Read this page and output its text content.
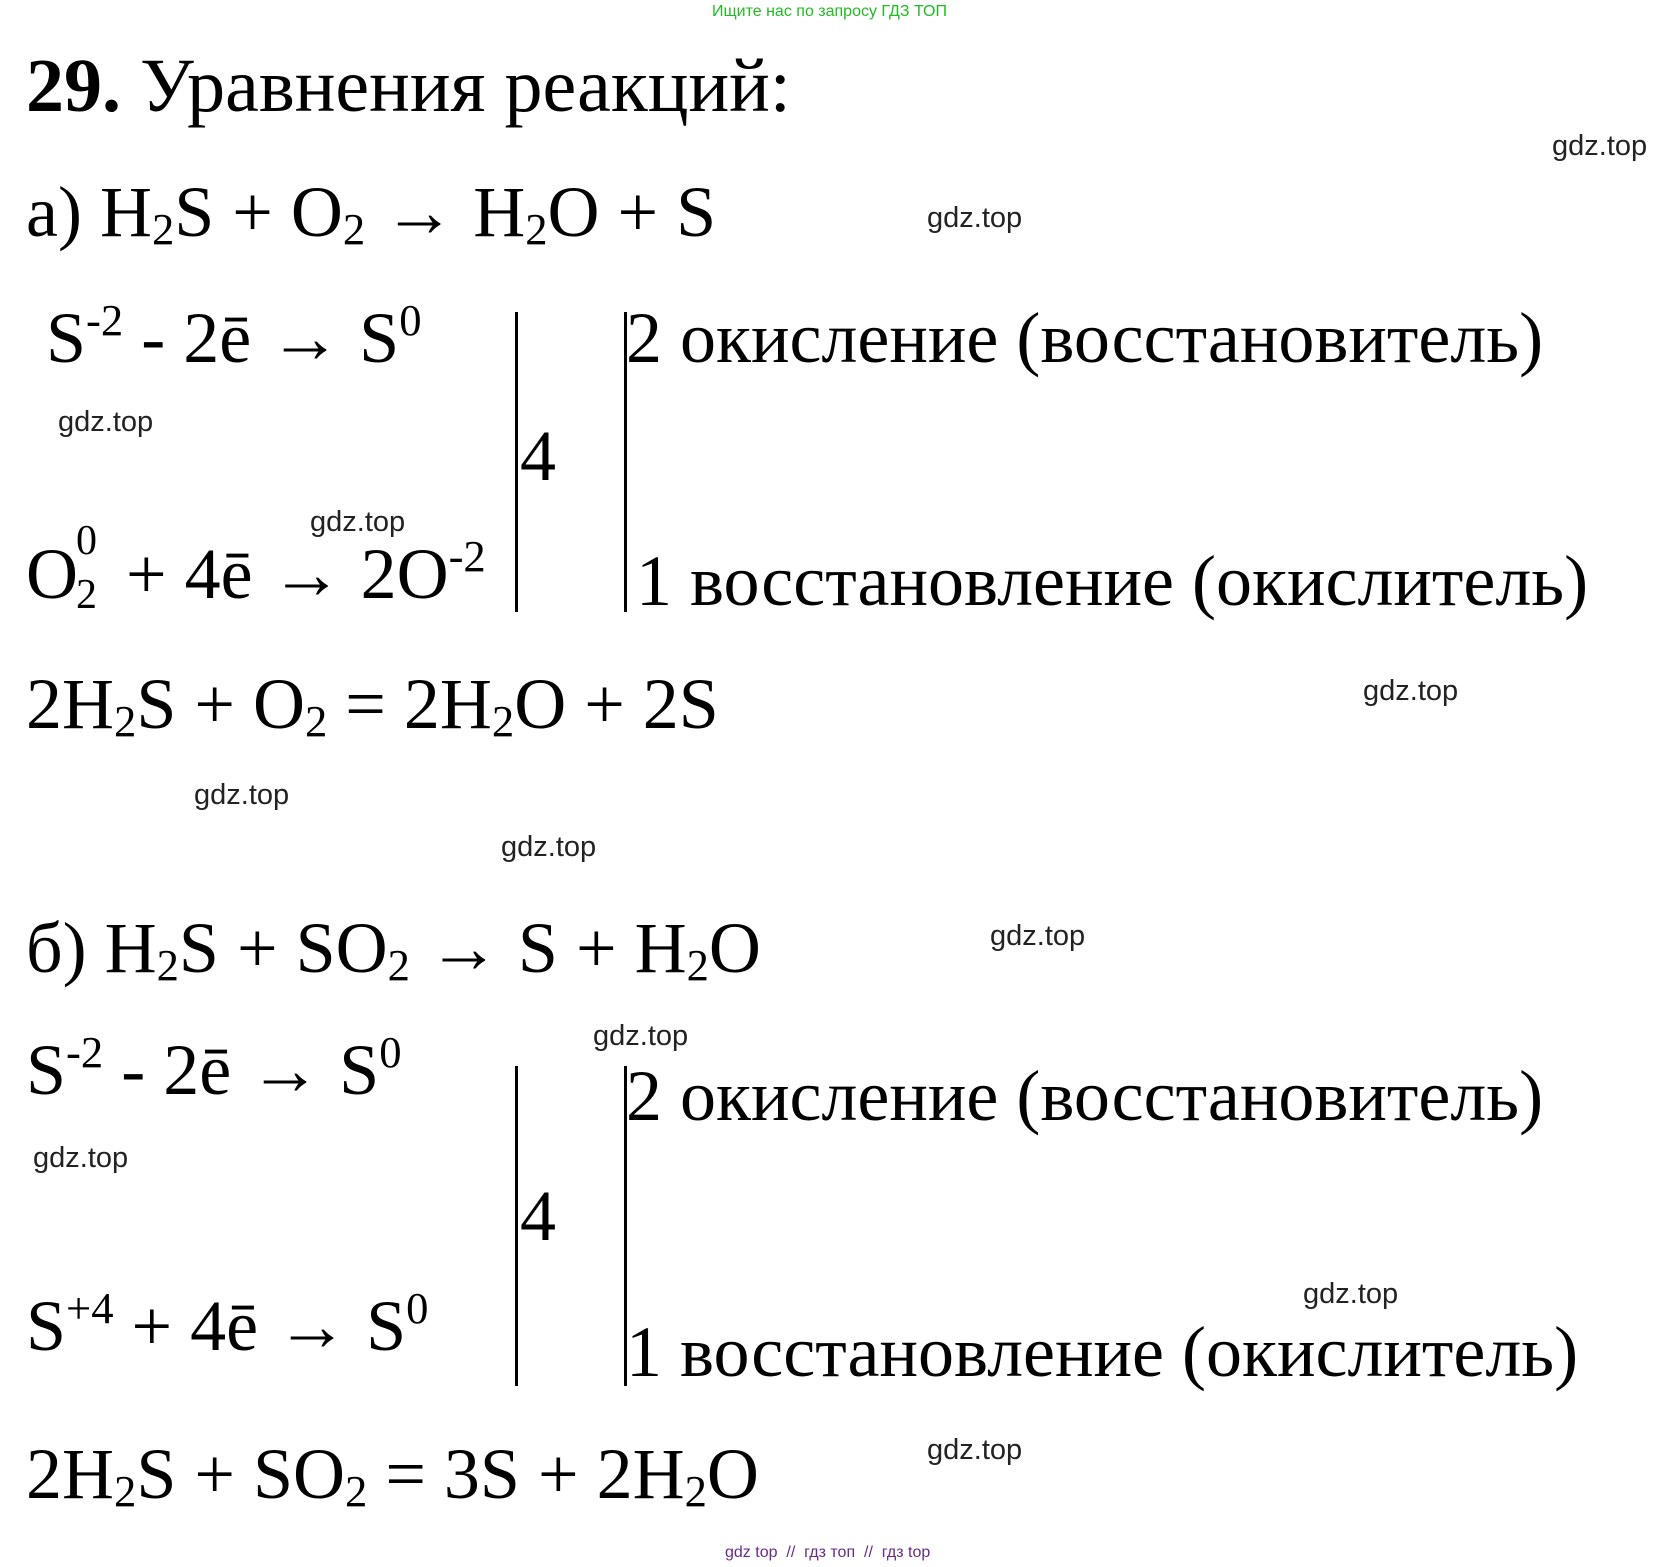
Ищите нас по запросу ГДЗ ТОП
29. Уравнения реакций:
а) $H_2S + O_2 \to H_2O + S$
$S^{-2}$ - 2ē → $S^0$
O
0
2 + 4ē → $2O^{-2}$
4
2 окисление (восстановитель)
1 восстановление (окислитель)
$2H_2S + O_2 = 2H_2O + 2S$
б) $H_2S + SO_2 \to S + H_2O$
$S^{-2}$ - 2ē → $S^0$
$S^{+4}$ + 4ē → $S^0$
4
2 окисление (восстановитель)
1 восстановление (окислитель)
$2H_2S + SO_2 = 3S + 2H_2O$
gdz.top
gdz.top
gdz.top
gdz.top
gdz.top
gdz.top
gdz.top
gdz.top
gdz.top
gdz.top
gdz.top
gdz.top
gdz top  //  гдз топ  //  гдз top
